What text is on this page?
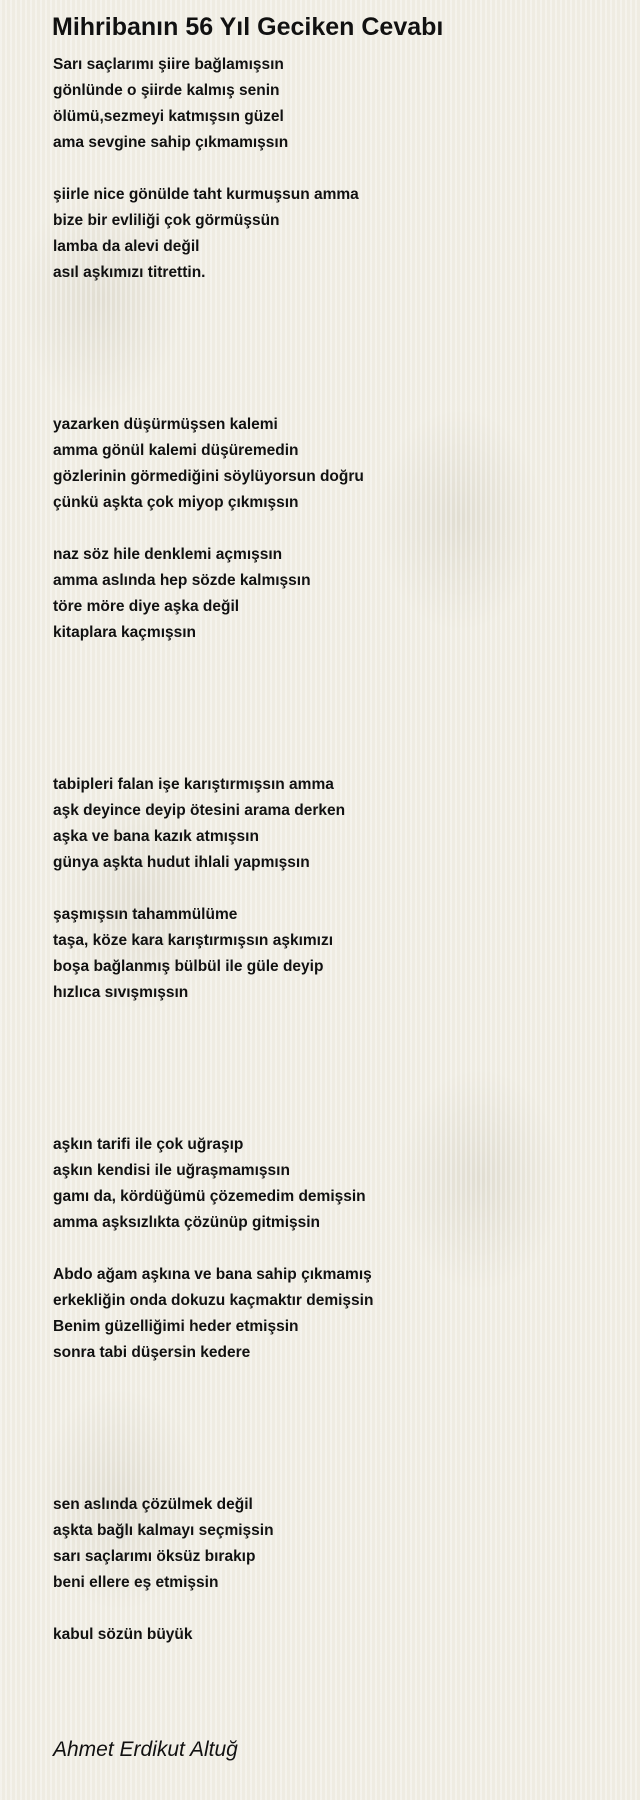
Mihribanın 56 Yıl Geciken Cevabı
Sarı saçlarımı şiire bağlamışsın
gönlünde o şiirde kalmış senin
ölümü,sezmeyi katmışsın güzel
ama sevgine sahip çıkmamışsın
şiirle nice gönülde taht kurmuşsun amma
bize bir evliliği çok görmüşsün
lamba da alevi değil
asıl aşkımızı titrettin.
yazarken düşürmüşsen kalemi
amma gönül kalemi düşüremedin
gözlerinin görmediğini söylüyorsun doğru
çünkü aşkta çok miyop çıkmışsın
naz söz hile denklemi açmışsın
amma aslında hep sözde kalmışsın
töre möre diye aşka değil
kitaplara kaçmışsın
tabipleri falan işe karıştırmışsın amma
aşk deyince deyip ötesini arama derken
aşka ve bana kazık atmışsın
günya aşkta hudut ihlali yapmışsın
şaşmışsın tahammülüme
taşa, köze kara karıştırmışsın aşkımızı
boşa bağlanmış bülbül ile güle deyip
hızlıca sıvışmışsın
aşkın tarifi ile çok uğraşıp
aşkın kendisi ile uğraşmamışsın
gamı da, kördüğümü çözemedim demişsin
amma aşksızlıkta çözünüp gitmişsin
Abdo ağam aşkına ve bana sahip çıkmamış
erkekliğin onda dokuzu kaçmaktır demişsin
Benim güzelliğimi heder etmişsin
sonra tabi düşersin kedere
sen aslında çözülmek değil
aşkta bağlı kalmayı seçmişsin
sarı saçlarımı öksüz bırakıp
beni ellere eş etmişsin
kabul sözün büyük
Ahmet Erdikut Altuğ
